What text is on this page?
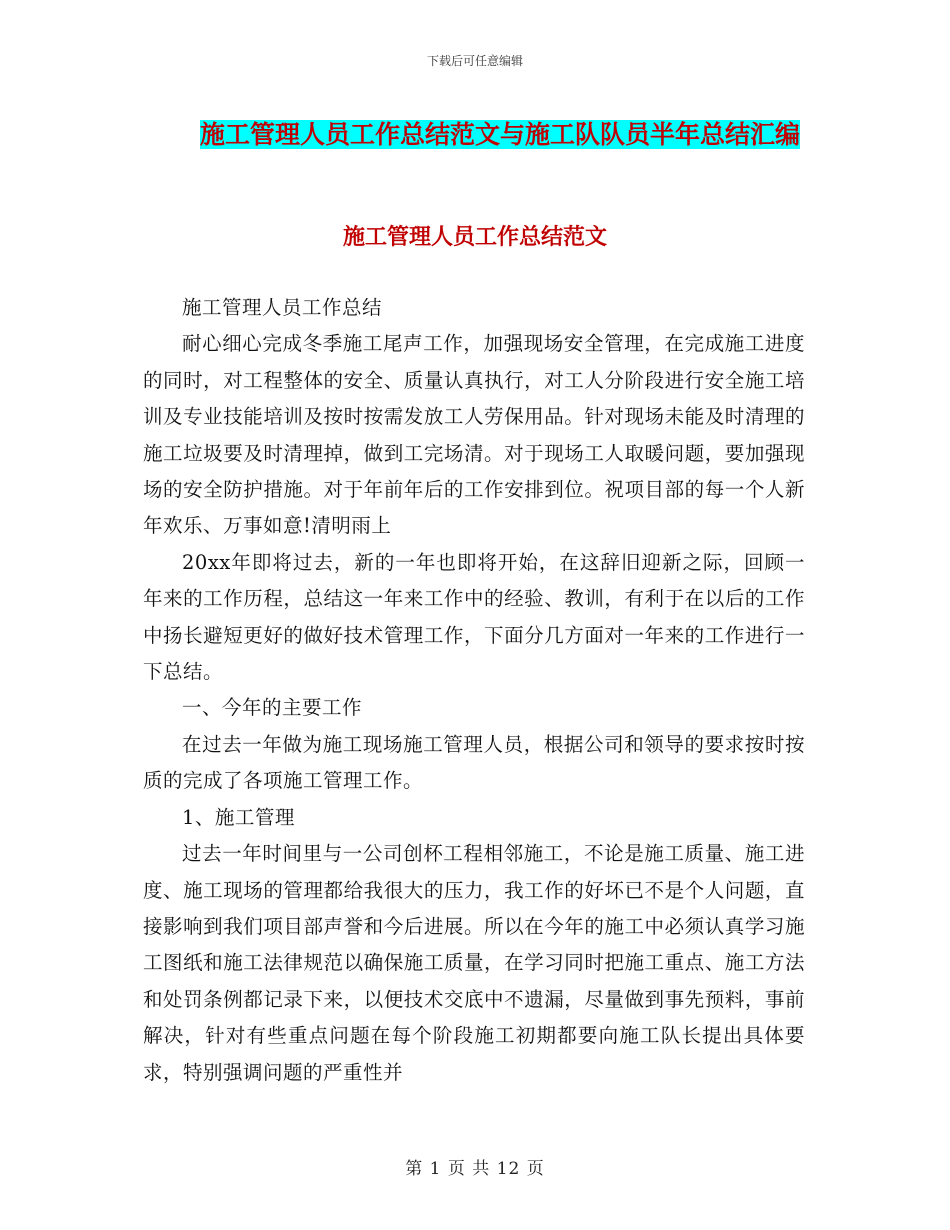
下载后可任意编辑
施工管理人员工作总结范文与施工队队员半年总结汇编
施工管理人员工作总结范文

施工管理人员工作总结

耐心细心完成冬季施工尾声工作，加强现场安全管理，在完成施工进度的同时，对工程整体的安全、质量认真执行，对工人分阶段进行安全施工培训及专业技能培训及按时按需发放工人劳保用品。针对现场未能及时清理的施工垃圾要及时清理掉，做到工完场清。对于现场工人取暖问题，要加强现场的安全防护措施。对于年前年后的工作安排到位。祝项目部的每一个人新年欢乐、万事如意!清明雨上

20xx年即将过去，新的一年也即将开始，在这辞旧迎新之际，回顾一年来的工作历程，总结这一年来工作中的经验、教训，有利于在以后的工作中扬长避短更好的做好技术管理工作，下面分几方面对一年来的工作进行一下总结。

一、今年的主要工作

在过去一年做为施工现场施工管理人员，根据公司和领导的要求按时按质的完成了各项施工管理工作。

1、施工管理

过去一年时间里与一公司创杯工程相邻施工，不论是施工质量、施工进度、施工现场的管理都给我很大的压力，我工作的好坏已不是个人问题，直接影响到我们项目部声誉和今后进展。所以在今年的施工中必须认真学习施工图纸和施工法律规范以确保施工质量，在学习同时把施工重点、施工方法和处罚条例都记录下来，以便技术交底中不遗漏，尽量做到事先预料，事前解决，针对有些重点问题在每个阶段施工初期都要向施工队长提出具体要求，特别强调问题的严重性并

第 1 页 共 12 页
